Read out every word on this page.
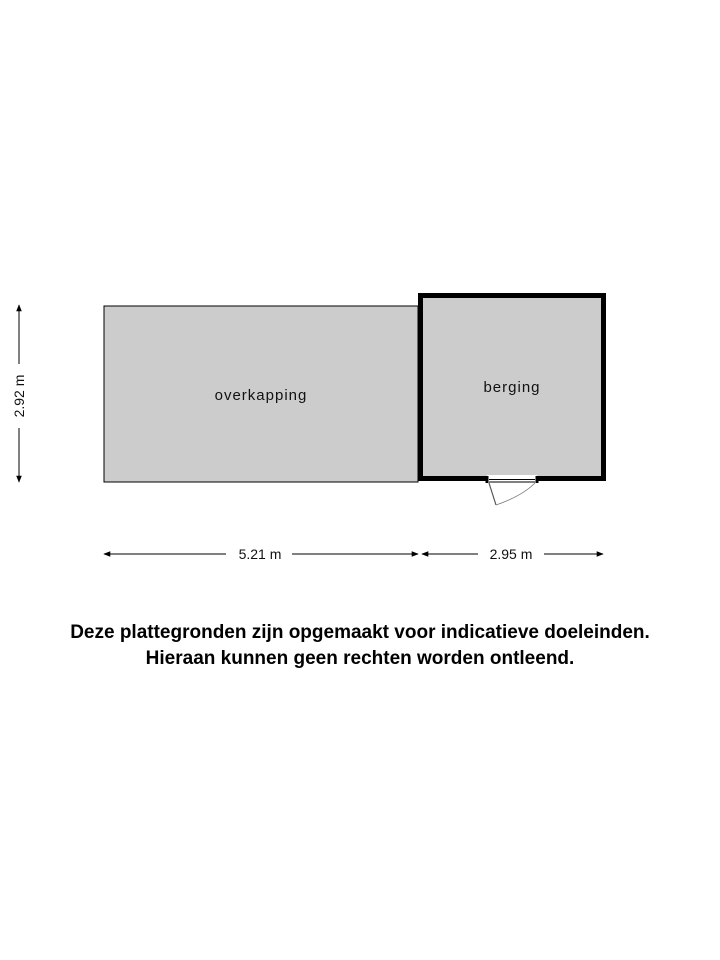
overkapping	berging
2.92 m
5.21 m	2.95 m
Deze plattegronden zijn opgemaakt voor indicatieve doeleinden.
Hieraan kunnen geen rechten worden ontleend.
